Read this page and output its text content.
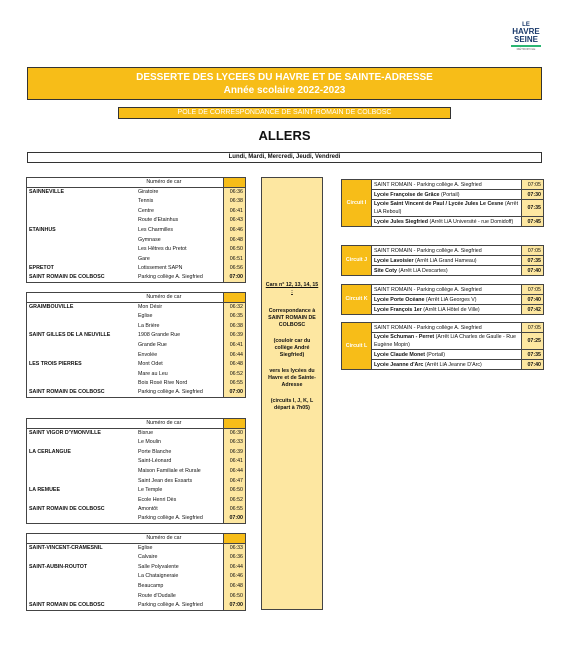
LE
HAVRE
SEINE
MÉTROPOLE
DESSERTE DES LYCEES DU HAVRE ET DE SAINTE-ADRESSE
Année scolaire 2022-2023
POLE DE CORRESPONDANCE DE SAINT-ROMAIN DE COLBOSC
ALLERS
Lundi, Mardi, Mercredi, Jeudi, Vendredi
Numéro de car		
SAINNEVILLE	Giratoire	06:36
	Tennis	06:38
	Centre	06:41
	Route d'Etainhus	06:43
ETAINHUS	Les Charmilles	06:46
	Gymnase	06:48
	Les Hêtres du Pretot	06:50
	Gare	06:51
EPRETOT	Lotissement SAPN	06:56
SAINT ROMAIN DE COLBOSC	Parking collège A. Siegfried	07:00
Numéro de car		
GRAIMBOUVILLE	Mon Désir	06:32
	Eglise	06:35
	La Brière	06:38
SAINT GILLES DE LA NEUVILLE	1908 Grande Rue	06:39
	Grande Rue	06:41
	Envolée	06:44
LES TROIS PIERRES	Mont Odet	06:48
	Mare au Leu	06:52
	Bois Rosé Rive Nord	06:55
SAINT ROMAIN DE COLBOSC	Parking collège A. Siegfried	07:00
Numéro de car		
SAINT VIGOR D'YMONVILLE	Bisrue	06:30
	Le Moulin	06:33
LA CERLANGUE	Porte Blanche	06:39
	Saint-Léonard	06:41
	Maison Familiale et Rurale	06:44
	Saint Jean des Essarts	06:47
LA REMUEE	Le Temple	06:50
	Ecole Henri Dès	06:52
SAINT ROMAIN DE COLBOSC	Amontôt	06:55
	Parking collège A. Siegfried	07:00
Numéro de car		
SAINT-VINCENT-CRAMESNIL	Eglise	06:33
	Calvaire	06:36
SAINT-AUBIN-ROUTOT	Salle Polyvalente	06:44
	La Chataigneraie	06:46
	Beaucamp	06:48
	Route d'Oudalle	06:50
SAINT ROMAIN DE COLBOSC	Parking collège A. Siegfried	07:00
Cars n° 12, 13, 14, 15 :
Correspondance à SAINT ROMAIN DE COLBOSC
(couloir car du collège André Siegfried)
vers les lycées du Havre et de Sainte-Adresse
(circuits I, J, K, L départ à 7h05)
Circuit I	SAINT ROMAIN - Parking collège A. Siegfried	07:05
	Lycée Françoise de Grâce (Portail)	07:30
	Lycée Saint Vincent de Paul / Lycée Jules Le Cesne (Arrêt LiA Reboul)	07:35
	Lycée Jules Siegfried (Arrêt LiA Université - rue Domidoff)	07:45
Circuit J	SAINT ROMAIN - Parking collège A. Siegfried	07:05
	Lycée Lavoisier (Arrêt LiA Grand Hameau)	07:35
	Site Coty (Arrêt LiA Descartes)	07:40
Circuit K	SAINT ROMAIN - Parking collège A. Siegfried	07:05
	Lycée Porte Océane (Arrêt LiA Georges V)	07:40
	Lycée François 1er (Arrêt LiA Hôtel de Ville)	07:42
Circuit L	SAINT ROMAIN - Parking collège A. Siegfried	07:05
	Lycée Schuman - Perret (Arrêt LiA Charles de Gaulle - Rue Eugène Mopin)	07:25
	Lycée Claude Monet (Portail)	07:35
	Lycée Jeanne d'Arc (Arrêt LiA Jeanne D'Arc)	07:40
